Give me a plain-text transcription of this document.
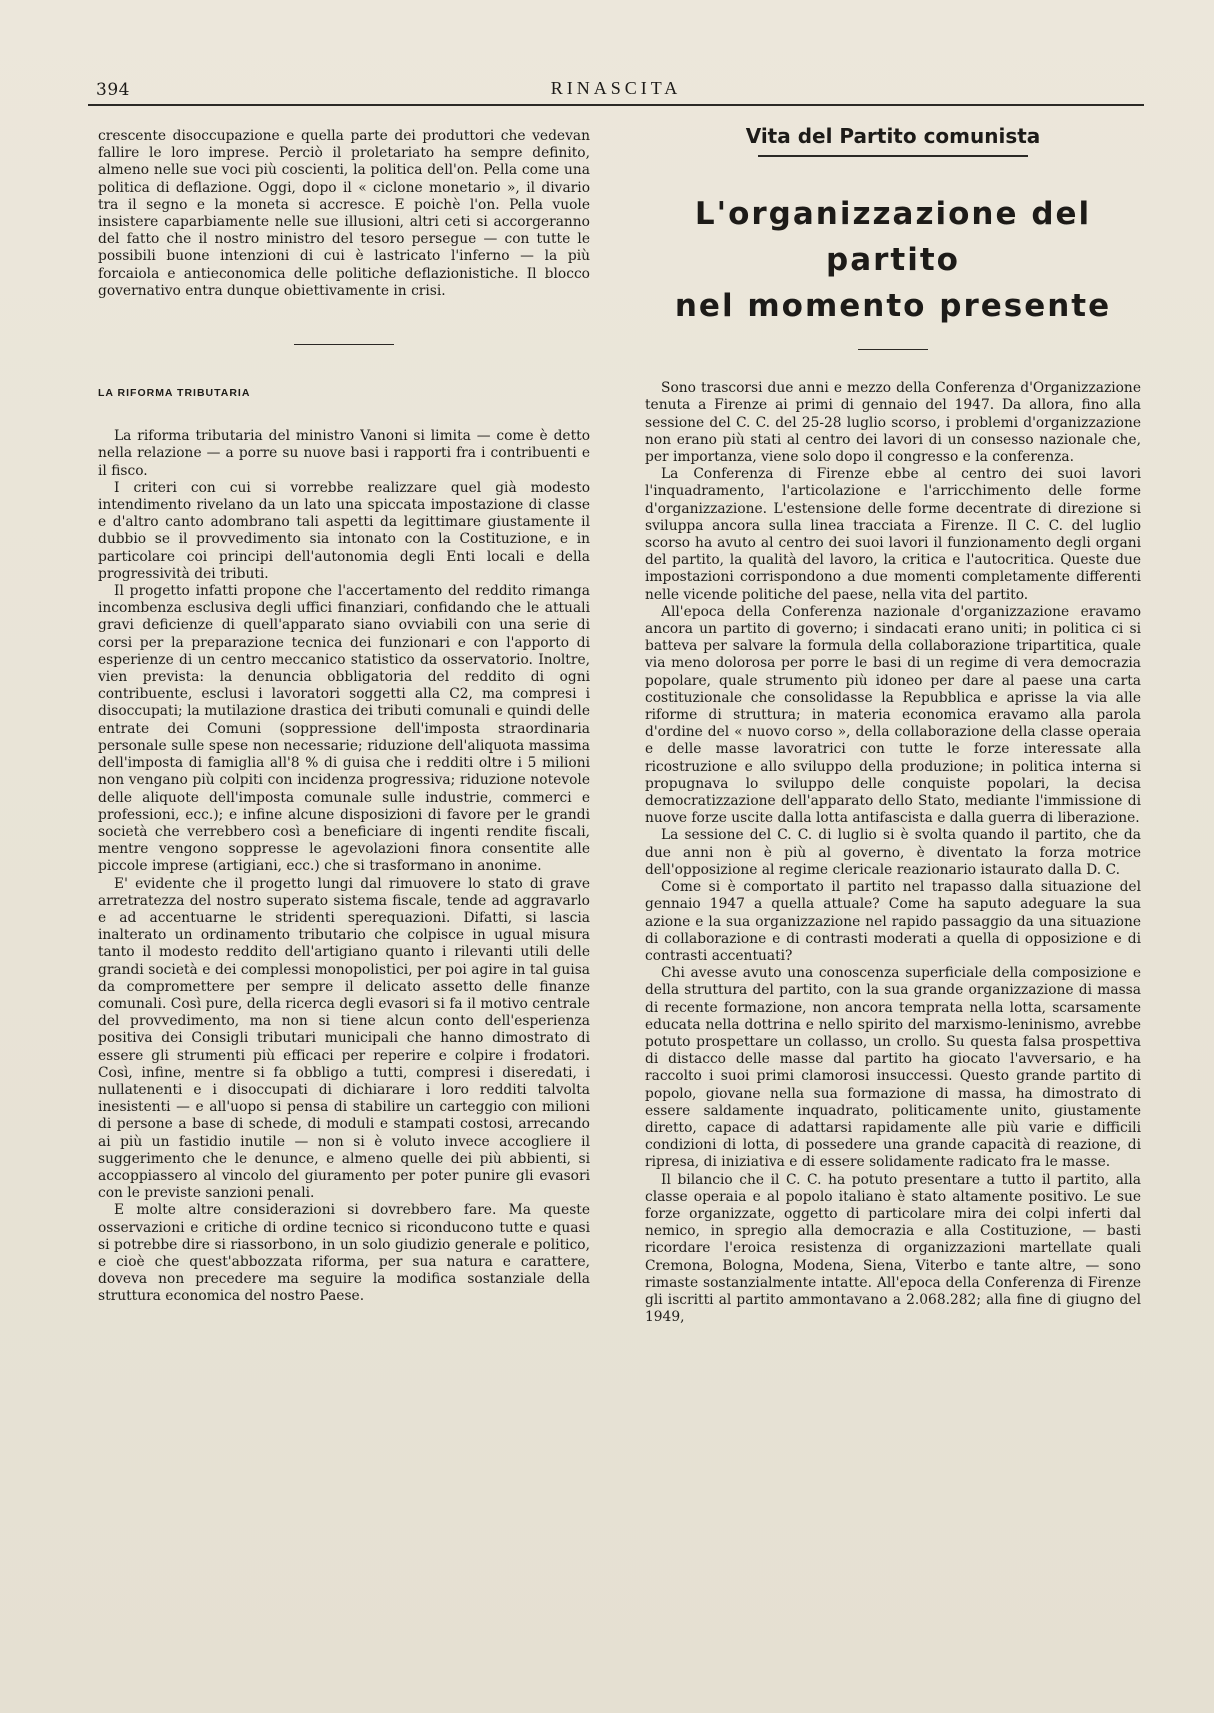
394	RINASCITA

crescente disoccupazione e quella parte dei produttori che vedevan fallire le loro imprese. Perciò il proletariato ha sempre definito, almeno nelle sue voci più coscienti, la politica dell'on. Pella come una politica di deflazione. Oggi, dopo il « ciclone monetario », il divario tra il segno e la moneta si accresce. E poichè l'on. Pella vuole insistere caparbiamente nelle sue illusioni, altri ceti si accorgeranno del fatto che il nostro ministro del tesoro persegue — con tutte le possibili buone intenzioni di cui è lastricato l'inferno — la più forcaiola e antieconomica delle politiche deflazionistiche. Il blocco governativo entra dunque obiettivamente in crisi.

LA RIFORMA TRIBUTARIA

La riforma tributaria del ministro Vanoni si limita — come è detto nella relazione — a porre su nuove basi i rapporti fra i contribuenti e il fisco.

I criteri con cui si vorrebbe realizzare quel già modesto intendimento rivelano da un lato una spiccata impostazione di classe e d'altro canto adombrano tali aspetti da legittimare giustamente il dubbio se il provvedimento sia intonato con la Costituzione, e in particolare coi principi dell'autonomia degli Enti locali e della progressività dei tributi.

Il progetto infatti propone che l'accertamento del reddito rimanga incombenza esclusiva degli uffici finanziari, confidando che le attuali gravi deficienze di quell'apparato siano ovviabili con una serie di corsi per la preparazione tecnica dei funzionari e con l'apporto di esperienze di un centro meccanico statistico da osservatorio. Inoltre, vien prevista: la denuncia obbligatoria del reddito di ogni contribuente, esclusi i lavoratori soggetti alla C2, ma compresi i disoccupati; la mutilazione drastica dei tributi comunali e quindi delle entrate dei Comuni (soppressione dell'imposta straordinaria personale sulle spese non necessarie; riduzione dell'aliquota massima dell'imposta di famiglia all'8 % di guisa che i redditi oltre i 5 milioni non vengano più colpiti con incidenza progressiva; riduzione notevole delle aliquote dell'imposta comunale sulle industrie, commerci e professioni, ecc.); e infine alcune disposizioni di favore per le grandi società che verrebbero così a beneficiare di ingenti rendite fiscali, mentre vengono soppresse le agevolazioni finora consentite alle piccole imprese (artigiani, ecc.) che si trasformano in anonime.

E' evidente che il progetto lungi dal rimuovere lo stato di grave arretratezza del nostro superato sistema fiscale, tende ad aggravarlo e ad accentuarne le stridenti sperequazioni. Difatti, si lascia inalterato un ordinamento tributario che colpisce in ugual misura tanto il modesto reddito dell'artigiano quanto i rilevanti utili delle grandi società e dei complessi monopolistici, per poi agire in tal guisa da compromettere per sempre il delicato assetto delle finanze comunali. Così pure, della ricerca degli evasori si fa il motivo centrale del provvedimento, ma non si tiene alcun conto dell'esperienza positiva dei Consigli tributari municipali che hanno dimostrato di essere gli strumenti più efficaci per reperire e colpire i frodatori. Così, infine, mentre si fa obbligo a tutti, compresi i diseredati, i nullatenenti e i disoccupati di dichiarare i loro redditi talvolta inesistenti — e all'uopo si pensa di stabilire un carteggio con milioni di persone a base di schede, di moduli e stampati costosi, arrecando ai più un fastidio inutile — non si è voluto invece accogliere il suggerimento che le denunce, e almeno quelle dei più abbienti, si accoppiassero al vincolo del giuramento per poter punire gli evasori con le previste sanzioni penali.

E molte altre considerazioni si dovrebbero fare. Ma queste osservazioni e critiche di ordine tecnico si riconducono tutte e quasi si potrebbe dire si riassorbono, in un solo giudizio generale e politico, e cioè che quest'abbozzata riforma, per sua natura e carattere, doveva non precedere ma seguire la modifica sostanziale della struttura economica del nostro Paese.

Vita del Partito comunista
L'organizzazione del partito
nel momento presente

Sono trascorsi due anni e mezzo della Conferenza d'Organizzazione tenuta a Firenze ai primi di gennaio del 1947. Da allora, fino alla sessione del C. C. del 25-28 luglio scorso, i problemi d'organizzazione non erano più stati al centro dei lavori di un consesso nazionale che, per importanza, viene solo dopo il congresso e la conferenza.

La Conferenza di Firenze ebbe al centro dei suoi lavori l'inquadramento, l'articolazione e l'arricchimento delle forme d'organizzazione. L'estensione delle forme decentrate di direzione si sviluppa ancora sulla linea tracciata a Firenze. Il C. C. del luglio scorso ha avuto al centro dei suoi lavori il funzionamento degli organi del partito, la qualità del lavoro, la critica e l'autocritica. Queste due impostazioni corrispondono a due momenti completamente differenti nelle vicende politiche del paese, nella vita del partito.

All'epoca della Conferenza nazionale d'organizzazione eravamo ancora un partito di governo; i sindacati erano uniti; in politica ci si batteva per salvare la formula della collaborazione tripartitica, quale via meno dolorosa per porre le basi di un regime di vera democrazia popolare, quale strumento più idoneo per dare al paese una carta costituzionale che consolidasse la Repubblica e aprisse la via alle riforme di struttura; in materia economica eravamo alla parola d'ordine del « nuovo corso », della collaborazione della classe operaia e delle masse lavoratrici con tutte le forze interessate alla ricostruzione e allo sviluppo della produzione; in politica interna si propugnava lo sviluppo delle conquiste popolari, la decisa democratizzazione dell'apparato dello Stato, mediante l'immissione di nuove forze uscite dalla lotta antifascista e dalla guerra di liberazione.

La sessione del C. C. di luglio si è svolta quando il partito, che da due anni non è più al governo, è diventato la forza motrice dell'opposizione al regime clericale reazionario istaurato dalla D. C.

Come si è comportato il partito nel trapasso dalla situazione del gennaio 1947 a quella attuale? Come ha saputo adeguare la sua azione e la sua organizzazione nel rapido passaggio da una situazione di collaborazione e di contrasti moderati a quella di opposizione e di contrasti accentuati?

Chi avesse avuto una conoscenza superficiale della composizione e della struttura del partito, con la sua grande organizzazione di massa di recente formazione, non ancora temprata nella lotta, scarsamente educata nella dottrina e nello spirito del marxismo-leninismo, avrebbe potuto prospettare un collasso, un crollo. Su questa falsa prospettiva di distacco delle masse dal partito ha giocato l'avversario, e ha raccolto i suoi primi clamorosi insuccessi. Questo grande partito di popolo, giovane nella sua formazione di massa, ha dimostrato di essere saldamente inquadrato, politicamente unito, giustamente diretto, capace di adattarsi rapidamente alle più varie e difficili condizioni di lotta, di possedere una grande capacità di reazione, di ripresa, di iniziativa e di essere solidamente radicato fra le masse.

Il bilancio che il C. C. ha potuto presentare a tutto il partito, alla classe operaia e al popolo italiano è stato altamente positivo. Le sue forze organizzate, oggetto di particolare mira dei colpi inferti dal nemico, in spregio alla democrazia e alla Costituzione, — basti ricordare l'eroica resistenza di organizzazioni martellate quali Cremona, Bologna, Modena, Siena, Viterbo e tante altre, — sono rimaste sostanzialmente intatte. All'epoca della Conferenza di Firenze gli iscritti al partito ammontavano a 2.068.282; alla fine di giugno del 1949,
